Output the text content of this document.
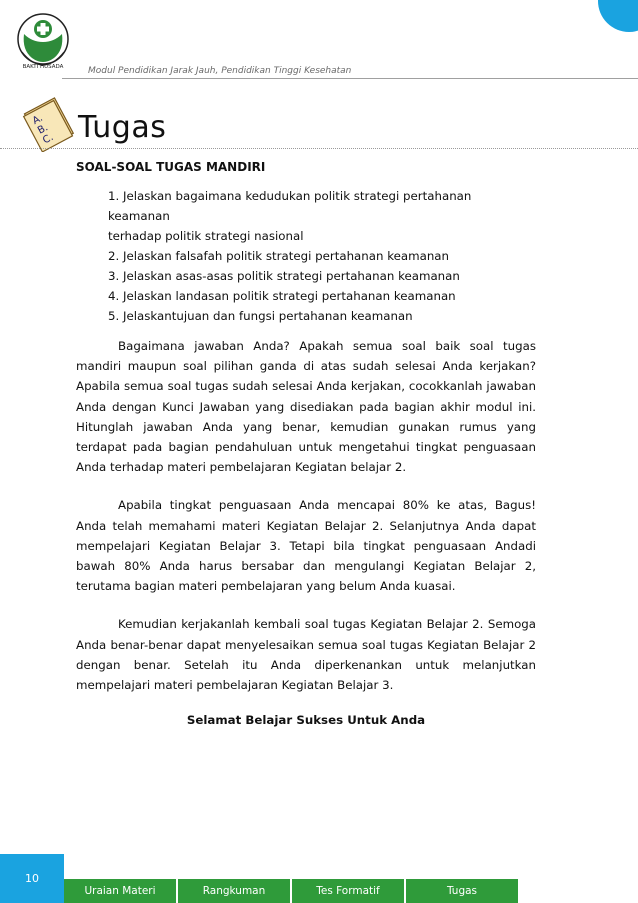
BAKTI HUSADA	Modul Pendidikan Jarak Jauh, Pendidikan Tinggi Kesehatan
A.
B.
C. Tugas
SOAL-SOAL TUGAS MANDIRI
1. Jelaskan bagaimana kedudukan politik strategi pertahanan keamanan
terhadap politik strategi nasional
2. Jelaskan falsafah politik strategi pertahanan keamanan
3. Jelaskan asas-asas politik strategi pertahanan keamanan
4. Jelaskan landasan politik strategi pertahanan keamanan
5. Jelaskantujuan dan fungsi pertahanan keamanan

Bagaimana jawaban Anda? Apakah semua soal baik soal tugas mandiri maupun soal pilihan ganda di atas sudah selesai Anda kerjakan? Apabila semua soal tugas sudah selesai Anda kerjakan, cocokkanlah jawaban Anda dengan Kunci Jawaban yang disediakan pada bagian akhir modul ini. Hitunglah jawaban Anda yang benar, kemudian gunakan rumus yang terdapat pada bagian pendahuluan untuk mengetahui tingkat penguasaan Anda terhadap materi pembelajaran Kegiatan belajar 2.

Apabila tingkat penguasaan Anda mencapai 80% ke atas, Bagus! Anda telah memahami materi Kegiatan Belajar 2. Selanjutnya Anda dapat mempelajari Kegiatan Belajar 3. Tetapi bila tingkat penguasaan Andadi bawah 80% Anda harus bersabar dan mengulangi Kegiatan Belajar 2, terutama bagian materi pembelajaran yang belum Anda kuasai.

Kemudian kerjakanlah kembali soal tugas Kegiatan Belajar 2. Semoga Anda benar-benar dapat menyelesaikan semua soal tugas Kegiatan Belajar 2 dengan benar. Setelah itu Anda diperkenankan untuk melanjutkan mempelajari materi pembelajaran Kegiatan Belajar 3.

Selamat Belajar Sukses Untuk Anda
10
Uraian Materi	Rangkuman	Tes Formatif	Tugas
